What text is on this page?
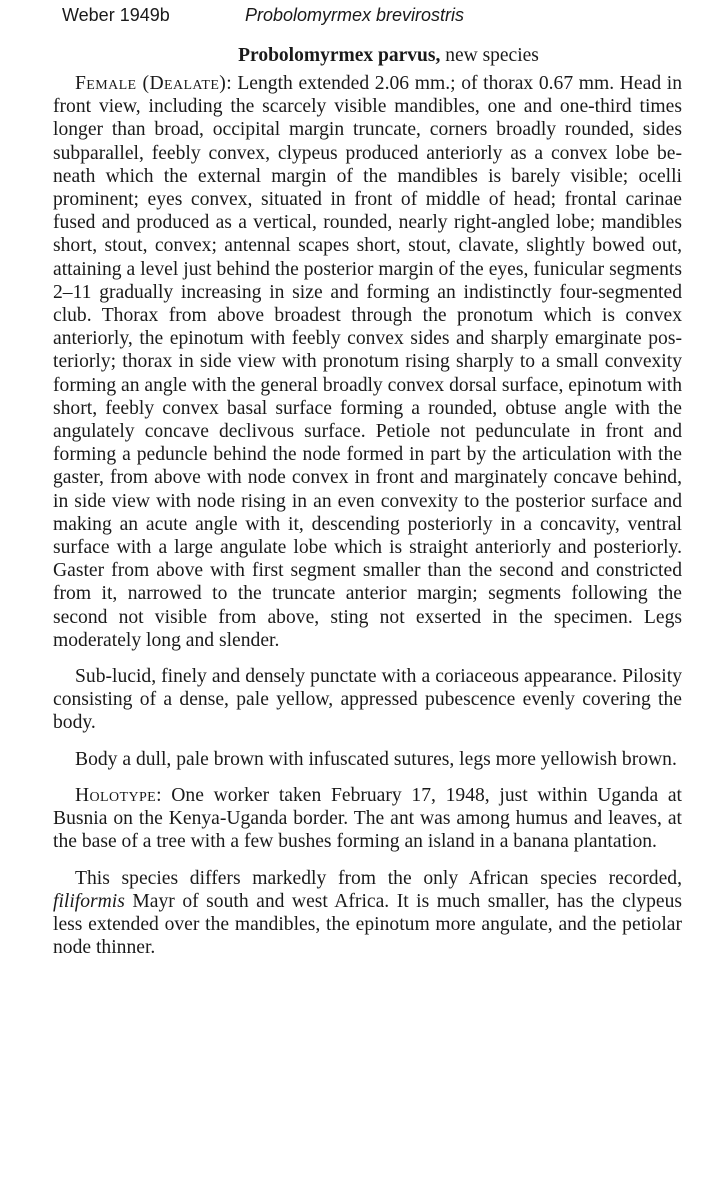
Weber 1949b	Probolomyrmex brevirostris
Probolomyrmex parvus, new species

Female (Dealate): Length extended 2.06 mm.; of thorax 0.67 mm. Head in front view, including the scarcely visible mandibles, one and one-third times longer than broad, occipital margin truncate, corners broadly rounded, sides subparallel, feebly convex, clypeus produced anteriorly as a convex lobe beneath which the external margin of the mandibles is barely visible; ocelli prominent; eyes convex, situated in front of middle of head; frontal carinae fused and produced as a vertical, rounded, nearly right-angled lobe; mandibles short, stout, convex; antennal scapes short, stout, clavate, slightly bowed out, attaining a level just behind the posterior margin of the eyes, funicular segments 2–11 gradually increasing in size and forming an indistinctly four-segmented club. Thorax from above broadest through the pronotum which is convex anteriorly, the epinotum with feebly convex sides and sharply emarginate posteriorly; thorax in side view with pronotum rising sharply to a small convexity forming an angle with the general broadly convex dorsal surface, epinotum with short, feebly convex basal surface forming a rounded, obtuse angle with the angulately concave declivous surface. Petiole not pedunculate in front and forming a peduncle behind the node formed in part by the articulation with the gaster, from above with node convex in front and marginately concave behind, in side view with node rising in an even convexity to the posterior surface and making an acute angle with it, descending posteriorly in a concavity, ventral surface with a large angulate lobe which is straight anteriorly and posteriorly. Gaster from above with first segment smaller than the second and constricted from it, narrowed to the truncate anterior margin; segments following the second not visible from above, sting not exserted in the specimen. Legs moderately long and slender.

Sub-lucid, finely and densely punctate with a coriaceous appearance. Pilosity consisting of a dense, pale yellow, appressed pubescence evenly covering the body.

Body a dull, pale brown with infuscated sutures, legs more yellowish brown.

Holotype: One worker taken February 17, 1948, just within Uganda at Busnia on the Kenya-Uganda border. The ant was among humus and leaves, at the base of a tree with a few bushes forming an island in a banana plantation.

This species differs markedly from the only African species recorded, filiformis Mayr of south and west Africa. It is much smaller, has the clypeus less extended over the mandibles, the epinotum more angulate, and the petiolar node thinner.
